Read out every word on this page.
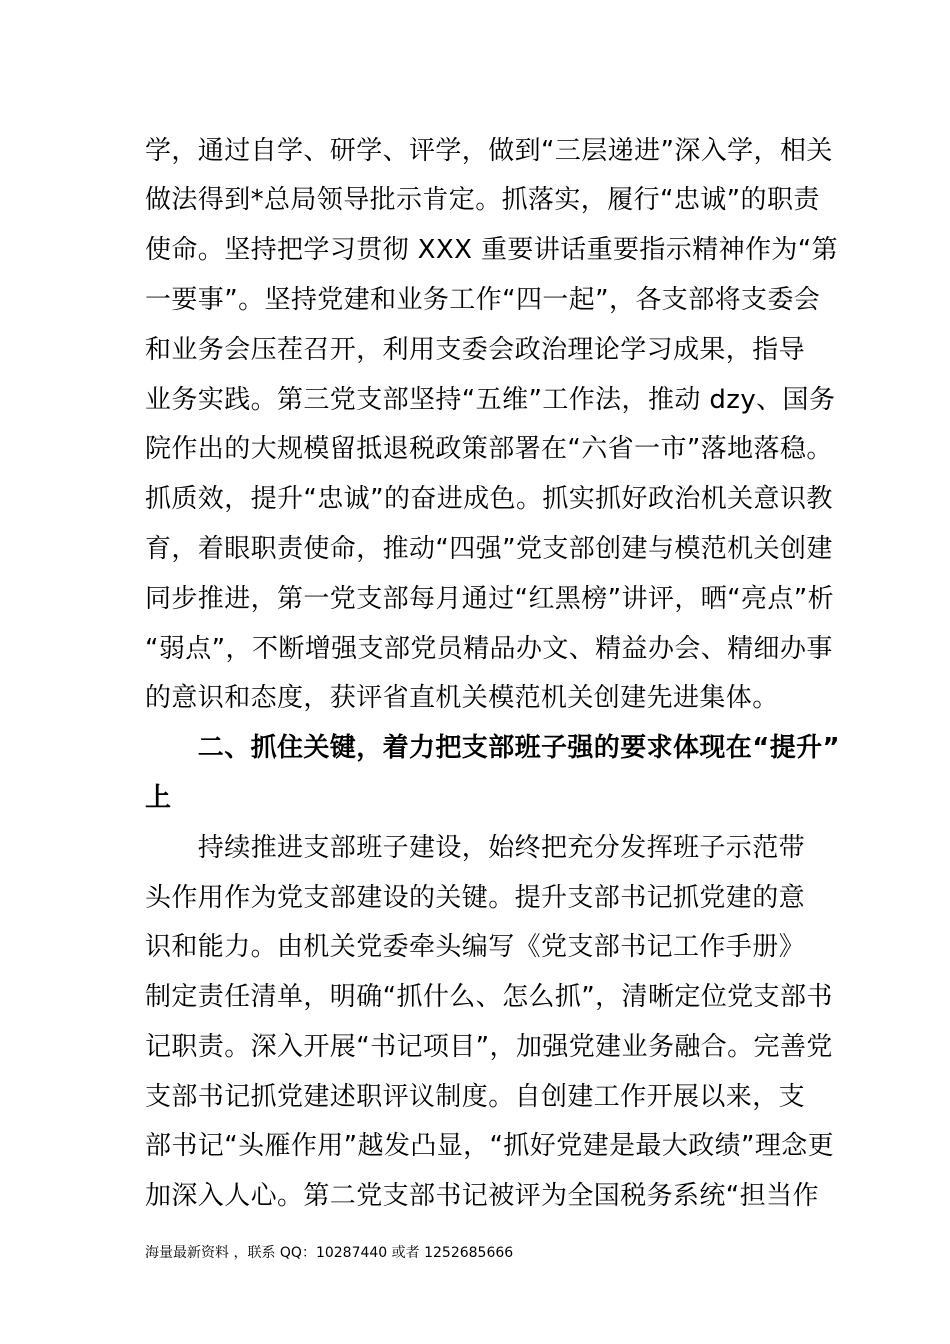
学，通过自学、研学、评学，做到“三层递进”深入学，相关
做法得到*总局领导批示肯定。抓落实，履行“忠诚”的职责
使命。坚持把学习贯彻 XXX 重要讲话重要指示精神作为“第
一要事”。坚持党建和业务工作“四一起”，各支部将支委会
和业务会压茬召开，利用支委会政治理论学习成果，指导
业务实践。第三党支部坚持“五维”工作法，推动 dzy、国务
院作出的大规模留抵退税政策部署在“六省一市”落地落稳。
抓质效，提升“忠诚”的奋进成色。抓实抓好政治机关意识教
育，着眼职责使命，推动“四强”党支部创建与模范机关创建
同步推进，第一党支部每月通过“红黑榜”讲评，晒“亮点”析
“弱点”，不断增强支部党员精品办文、精益办会、精细办事
的意识和态度，获评省直机关模范机关创建先进集体。
　　二、抓住关键，着力把支部班子强的要求体现在“提升”
上
　　持续推进支部班子建设，始终把充分发挥班子示范带
头作用作为党支部建设的关键。提升支部书记抓党建的意
识和能力。由机关党委牵头编写《党支部书记工作手册》
制定责任清单，明确“抓什么、怎么抓”，清晰定位党支部书
记职责。深入开展“书记项目”，加强党建业务融合。完善党
支部书记抓党建述职评议制度。自创建工作开展以来，支
部书记“头雁作用”越发凸显，“抓好党建是最大政绩”理念更
加深入人心。第二党支部书记被评为全国税务系统“担当作
海量最新资料 ，联系 QQ：10287440 或者 1252685666
